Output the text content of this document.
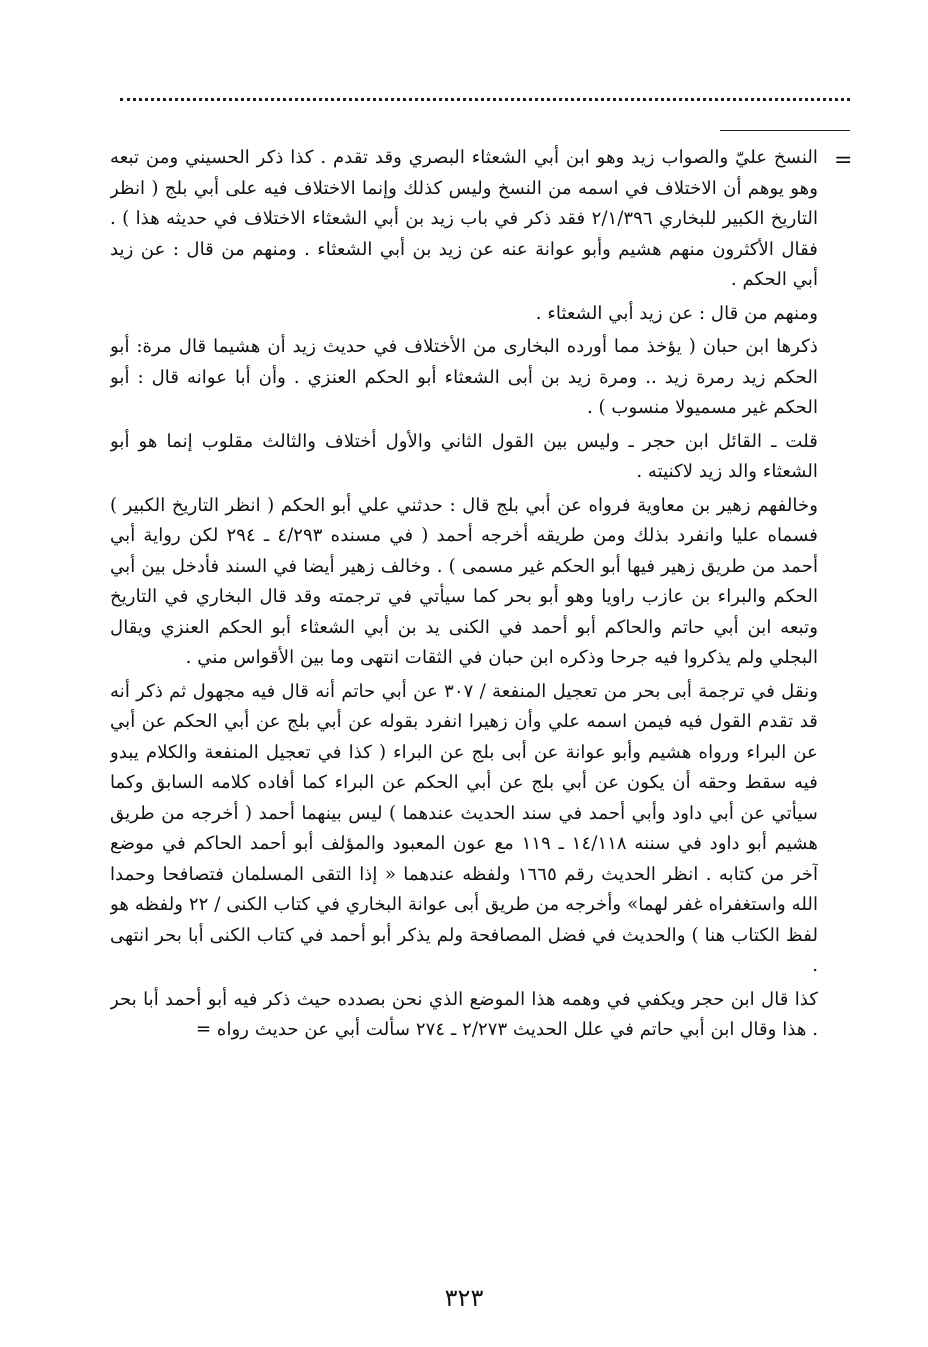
=

النسخ عليّ والصواب زيد وهو ابن أبي الشعثاء البصري وقد تقدم . كذا ذكر الحسيني ومن تبعه وهو يوهم أن الاختلاف في اسمه من النسخ وليس كذلك وإنما الاختلاف فيه على أبي بلج ( انظر التاريخ الكبير للبخاري ٢/١/٣٩٦ فقد ذكر في باب زيد بن أبي الشعثاء الاختلاف في حديثه هذا ) . فقال الأكثرون منهم هشيم وأبو عوانة عنه عن زيد بن أبي الشعثاء . ومنهم من قال : عن زيد أبي الحكم .

ومنهم من قال : عن زيد أبي الشعثاء .

ذكرها ابن حبان ( يؤخذ مما أورده البخارى من الأختلاف في حديث زيد أن هشيما قال مرة: أبو الحكم زيد رمرة زيد .. ومرة زيد بن أبى الشعثاء أبو الحكم العنزي . وأن أبا عوانه قال : أبو الحكم غير مسميولا منسوب ) .

قلت ـ القائل ابن حجر ـ وليس بين القول الثاني والأول أختلاف والثالث مقلوب إنما هو أبو الشعثاء والد زيد لاكنيته .

وخالفهم زهير بن معاوية فرواه عن أبي بلج قال : حدثني علي أبو الحكم ( انظر التاريخ الكبير ) فسماه عليا وانفرد بذلك ومن طريقه أخرجه أحمد ( في مسنده ٤/٢٩٣ ـ ٢٩٤ لكن رواية أبي أحمد من طريق زهير فيها أبو الحكم غير مسمى ) . وخالف زهير أيضا في السند فأدخل بين أبي الحكم والبراء بن عازب راويا وهو أبو بحر كما سيأتي في ترجمته وقد قال البخاري في التاريخ وتبعه ابن أبي حاتم والحاكم أبو أحمد في الكنى يد بن أبي الشعثاء أبو الحكم العنزي ويقال البجلي ولم يذكروا فيه جرحا وذكره ابن حبان في الثقات انتهى وما بين الأقواس مني .

ونقل في ترجمة أبى بحر من تعجيل المنفعة / ٣٠٧ عن أبي حاتم أنه قال فيه مجهول ثم ذكر أنه قد تقدم القول فيه فيمن اسمه علي وأن زهيرا انفرد بقوله عن أبي بلج عن أبي الحكم عن أبي عن البراء ورواه هشيم وأبو عوانة عن أبى بلج عن البراء ( كذا في تعجيل المنفعة والكلام يبدو فيه سقط وحقه أن يكون عن أبي بلج عن أبي الحكم عن البراء كما أفاده كلامه السابق وكما سيأتي عن أبي داود وأبي أحمد في سند الحديث عندهما ) ليس بينهما أحمد ( أخرجه من طريق هشيم أبو داود في سننه ١٤/١١٨ ـ ١١٩ مع عون المعبود والمؤلف أبو أحمد الحاكم في موضع آخر من كتابه . انظر الحديث رقم ١٦٦٥ ولفظه عندهما « إذا التقى المسلمان فتصافحا وحمدا الله واستغفراه غفر لهما» وأخرجه من طريق أبى عوانة البخاري في كتاب الكنى / ٢٢ ولفظه هو لفظ الكتاب هنا ) والحديث في فضل المصافحة ولم يذكر أبو أحمد في كتاب الكنى أبا بحر انتهى .

كذا قال ابن حجر ويكفي في وهمه هذا الموضع الذي نحن بصدده حيث ذكر فيه أبو أحمد أبا بحر . هذا وقال ابن أبي حاتم في علل الحديث ٢/٢٧٣ ـ ٢٧٤ سألت أبي عن حديث رواه =

٣٢٣
